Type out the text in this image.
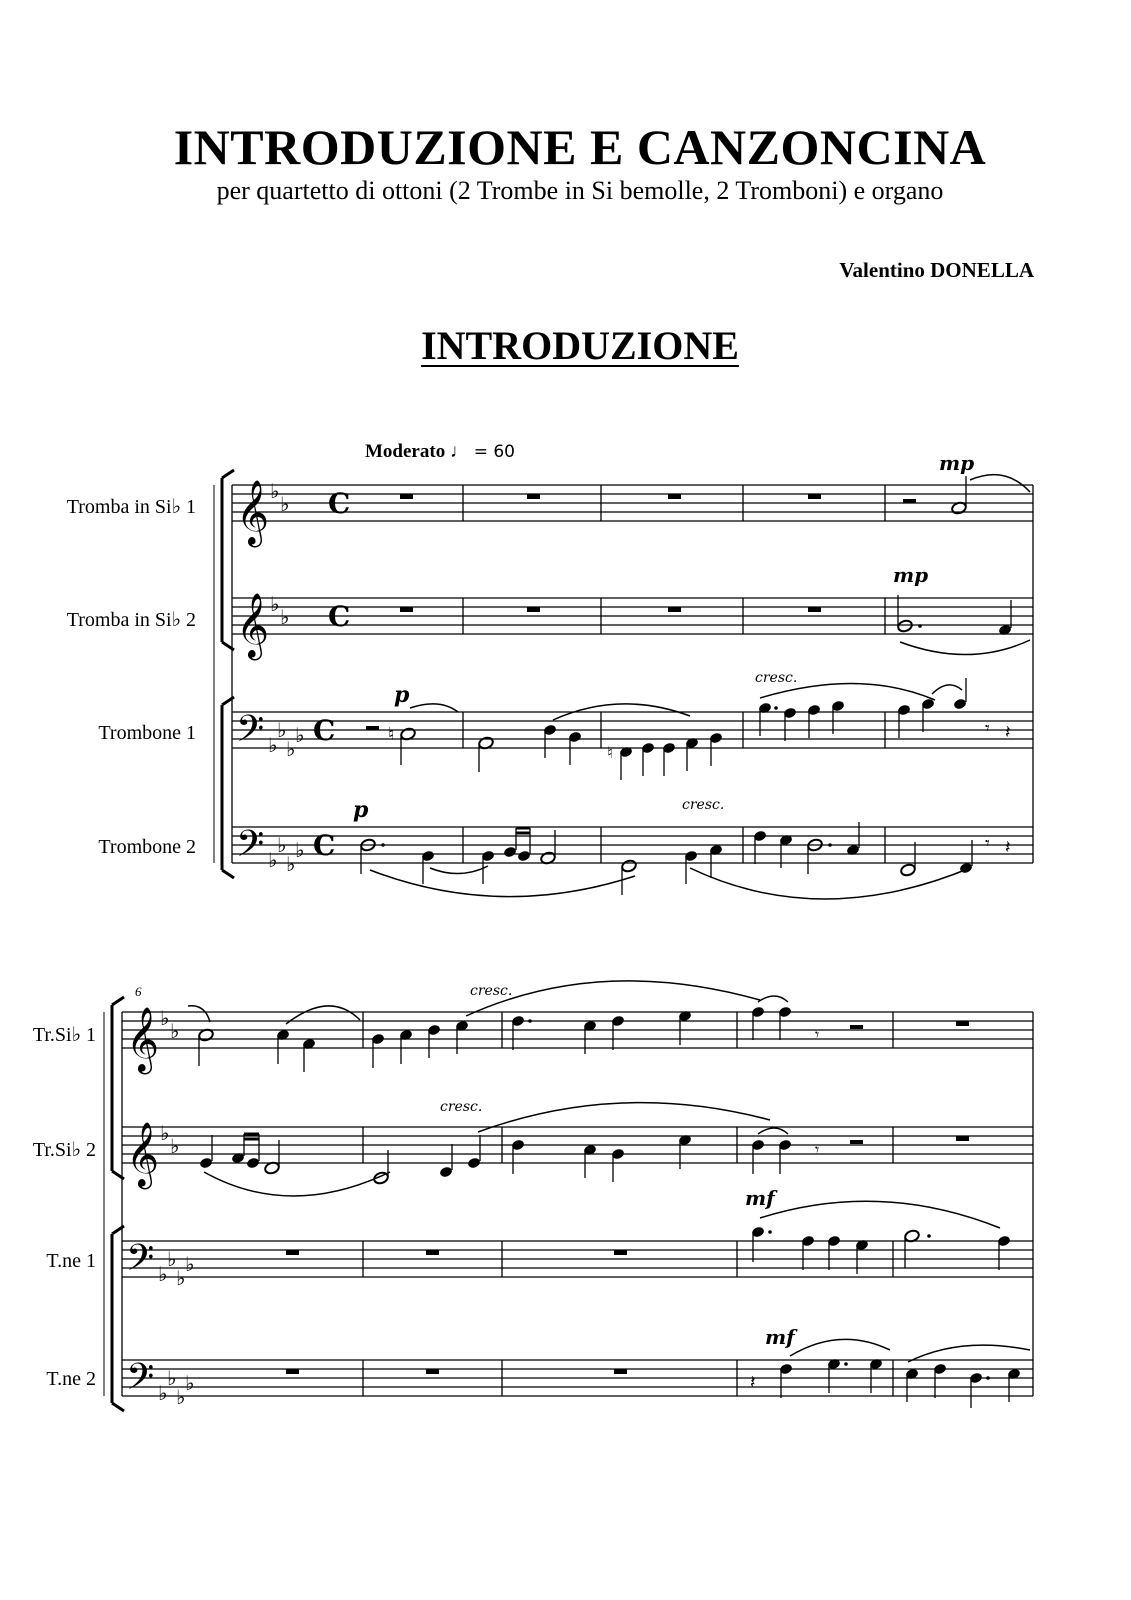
INTRODUZIONE E CANZONCINA
per quartetto di ottoni (2 Trombe in Si bemolle, 2 Tromboni) e organo
Valentino DONELLA
INTRODUZIONE
Moderato ♩ = 60
Tromba in Si♭ 1
Tromba in Si♭ 2
Trombone 1
Trombone 2
Tr.Si♭ 1
Tr.Si♭ 2
T.ne 1
T.ne 2
𝄞
𝄞
𝄢
𝄢
♭
♭
♭
♭
♭
♭
♭
♭
♭
♭
♭
♭
C
C
C
C
♮
♮
𝄾 𝄽
𝄾 𝄽
mp
mp
p
p
cresc.
cresc.
6
𝄞
𝄞
𝄢
𝄢
♭
♭
♭
♭
♭
♭
♭
♭
♭
♭
♭
♭
𝄾
𝄾
𝄽
cresc.
cresc.
mf
mf
